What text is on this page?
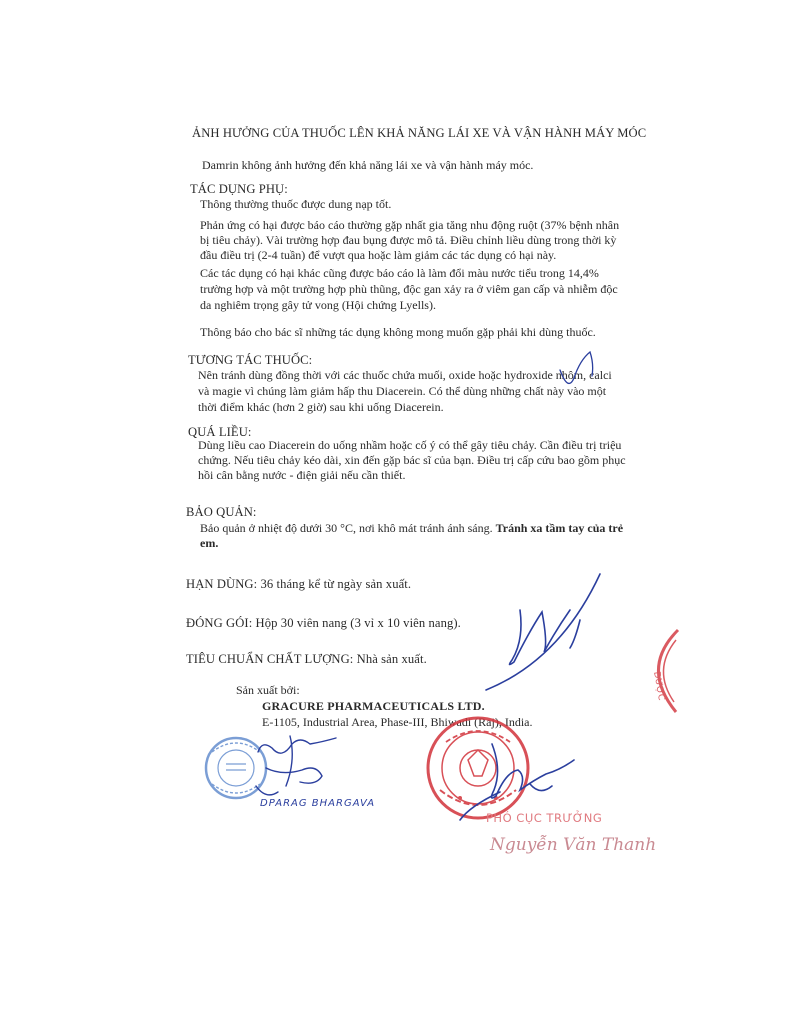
ẢNH HƯỞNG CỦA THUỐC LÊN KHẢ NĂNG LÁI XE VÀ VẬN HÀNH MÁY MÓC
Damrin không ảnh hưởng đến khả năng lái xe và vận hành máy móc.
TÁC DỤNG PHỤ:
Thông thường thuốc được dung nạp tốt.
Phản ứng có hại được báo cáo thường gặp nhất gia tăng nhu động ruột (37% bệnh nhân
bị tiêu chảy). Vài trường hợp đau bụng được mô tả. Điều chỉnh liều dùng trong thời kỳ
đầu điều trị (2-4 tuần) để vượt qua hoặc làm giảm các tác dụng có hại này.
Các tác dụng có hại khác cũng được báo cáo là làm đổi màu nước tiểu trong 14,4%
trường hợp và một trường hợp phù thũng, độc gan xảy ra ở viêm gan cấp và nhiễm độc
da nghiêm trọng gây tử vong (Hội chứng Lyells).
Thông báo cho bác sĩ những tác dụng không mong muốn gặp phải khi dùng thuốc.
TƯƠNG TÁC THUỐC:
Nên tránh dùng đồng thời với các thuốc chứa muối, oxide hoặc hydroxide nhôm, calci
và magie vì chúng làm giảm hấp thu Diacerein. Có thể dùng những chất này vào một
thời điểm khác (hơn 2 giờ) sau khi uống Diacerein.
QUÁ LIỀU:
Dùng liều cao Diacerein do uống nhầm hoặc cố ý có thể gây tiêu chảy. Cần điều trị triệu
chứng. Nếu tiêu chảy kéo dài, xin đến gặp bác sĩ của bạn. Điều trị cấp cứu bao gồm phục
hồi cân bằng nước - điện giải nếu cần thiết.
BẢO QUẢN:
Bảo quản ở nhiệt độ dưới 30 °C, nơi khô mát tránh ánh sáng. Tránh xa tầm tay của trẻ
em.
HẠN DÙNG: 36 tháng kể từ ngày sản xuất.
ĐÓNG GÓI: Hộp 30 viên nang (3 vỉ x 10 viên nang).
TIÊU CHUẨN CHẤT LƯỢNG: Nhà sản xuất.
Sản xuất bởi:
GRACURE PHARMACEUTICALS LTD.
E-1105, Industrial Area, Phase-III, Bhiwadi (Raj), India.
DPARAG BHARGAVA
DƯỢC
PHÓ CỤC TRƯỞNG
Nguyễn Văn Thanh
